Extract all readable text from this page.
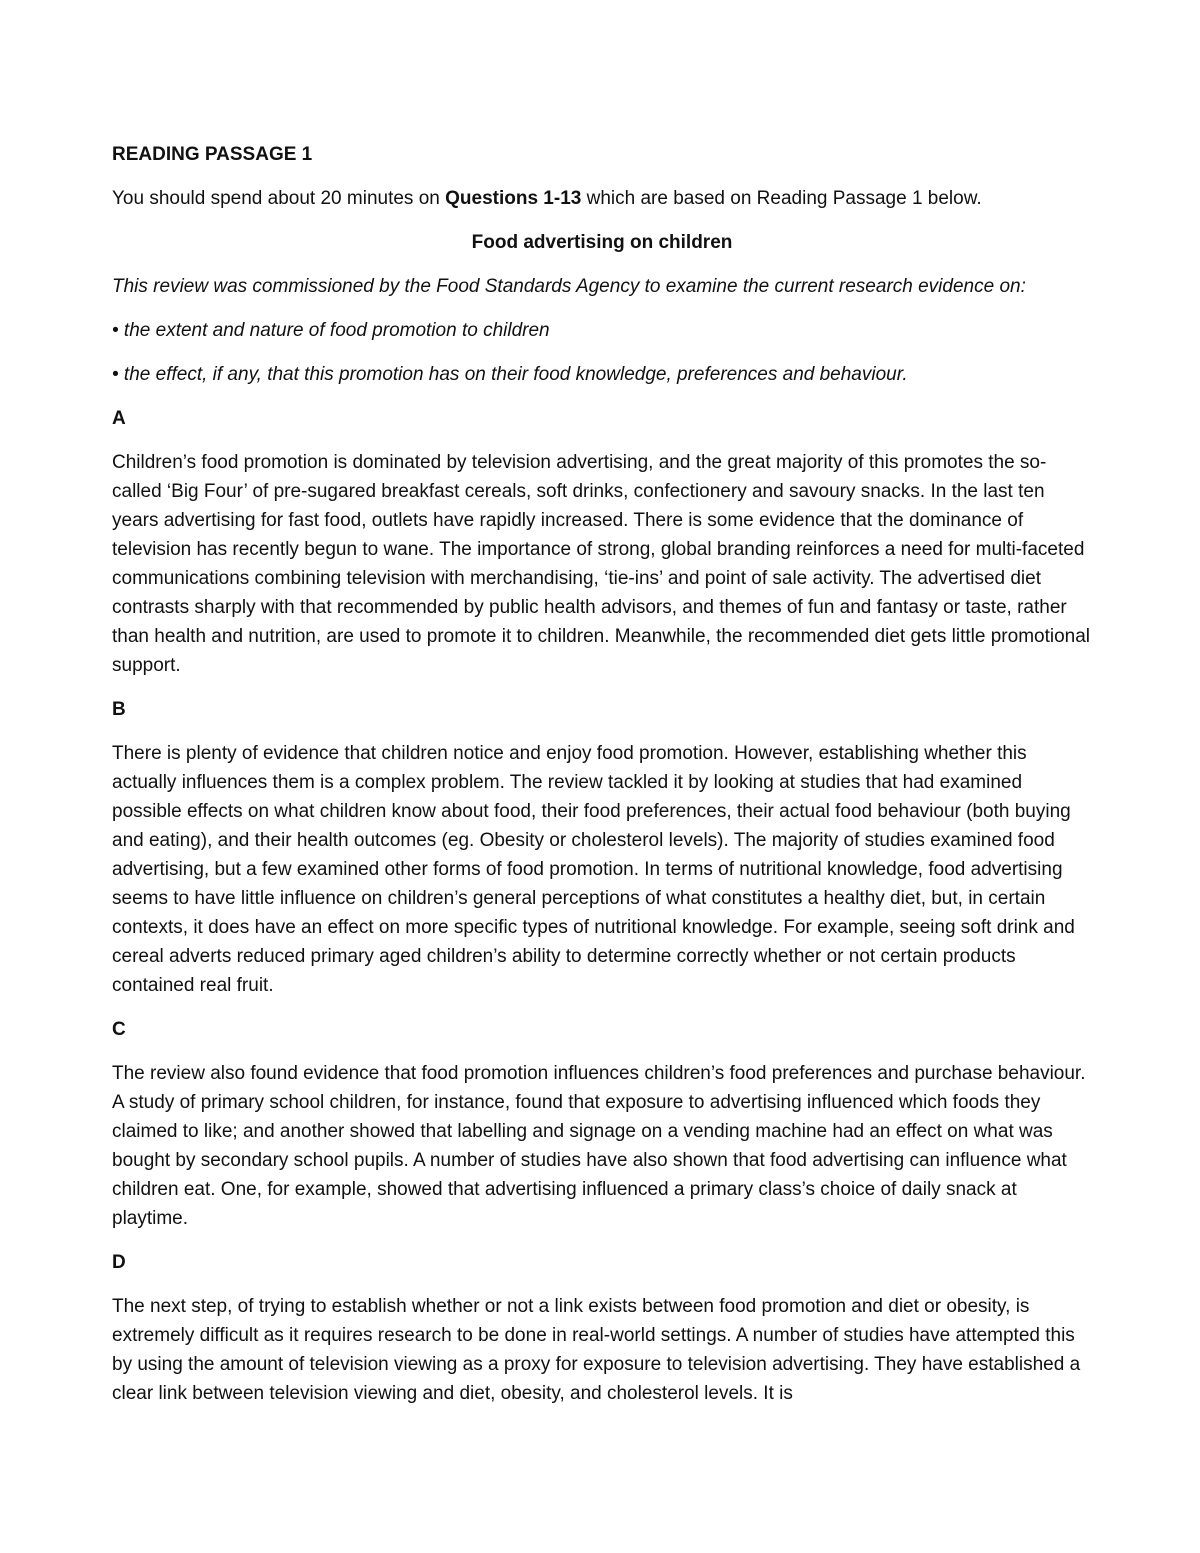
READING PASSAGE 1
You should spend about 20 minutes on Questions 1-13 which are based on Reading Passage 1 below.
Food advertising on children
This review was commissioned by the Food Standards Agency to examine the current research evidence on:
• the extent and nature of food promotion to children
• the effect, if any, that this promotion has on their food knowledge, preferences and behaviour.
A
Children’s food promotion is dominated by television advertising, and the great majority of this promotes the so-called ‘Big Four’ of pre-sugared breakfast cereals, soft drinks, confectionery and savoury snacks. In the last ten years advertising for fast food, outlets have rapidly increased. There is some evidence that the dominance of television has recently begun to wane. The importance of strong, global branding reinforces a need for multi-faceted communications combining television with merchandising, ‘tie-ins’ and point of sale activity. The advertised diet contrasts sharply with that recommended by public health advisors, and themes of fun and fantasy or taste, rather than health and nutrition, are used to promote it to children. Meanwhile, the recommended diet gets little promotional support.
B
There is plenty of evidence that children notice and enjoy food promotion. However, establishing whether this actually influences them is a complex problem. The review tackled it by looking at studies that had examined possible effects on what children know about food, their food preferences, their actual food behaviour (both buying and eating), and their health outcomes (eg. Obesity or cholesterol levels). The majority of studies examined food advertising, but a few examined other forms of food promotion. In terms of nutritional knowledge, food advertising seems to have little influence on children’s general perceptions of what constitutes a healthy diet, but, in certain contexts, it does have an effect on more specific types of nutritional knowledge. For example, seeing soft drink and cereal adverts reduced primary aged children’s ability to determine correctly whether or not certain products contained real fruit.
C
The review also found evidence that food promotion influences children’s food preferences and purchase behaviour. A study of primary school children, for instance, found that exposure to advertising influenced which foods they claimed to like; and another showed that labelling and signage on a vending machine had an effect on what was bought by secondary school pupils. A number of studies have also shown that food advertising can influence what children eat. One, for example, showed that advertising influenced a primary class’s choice of daily snack at playtime.
D
The next step, of trying to establish whether or not a link exists between food promotion and diet or obesity, is extremely difficult as it requires research to be done in real-world settings. A number of studies have attempted this by using the amount of television viewing as a proxy for exposure to television advertising. They have established a clear link between television viewing and diet, obesity, and cholesterol levels. It is
